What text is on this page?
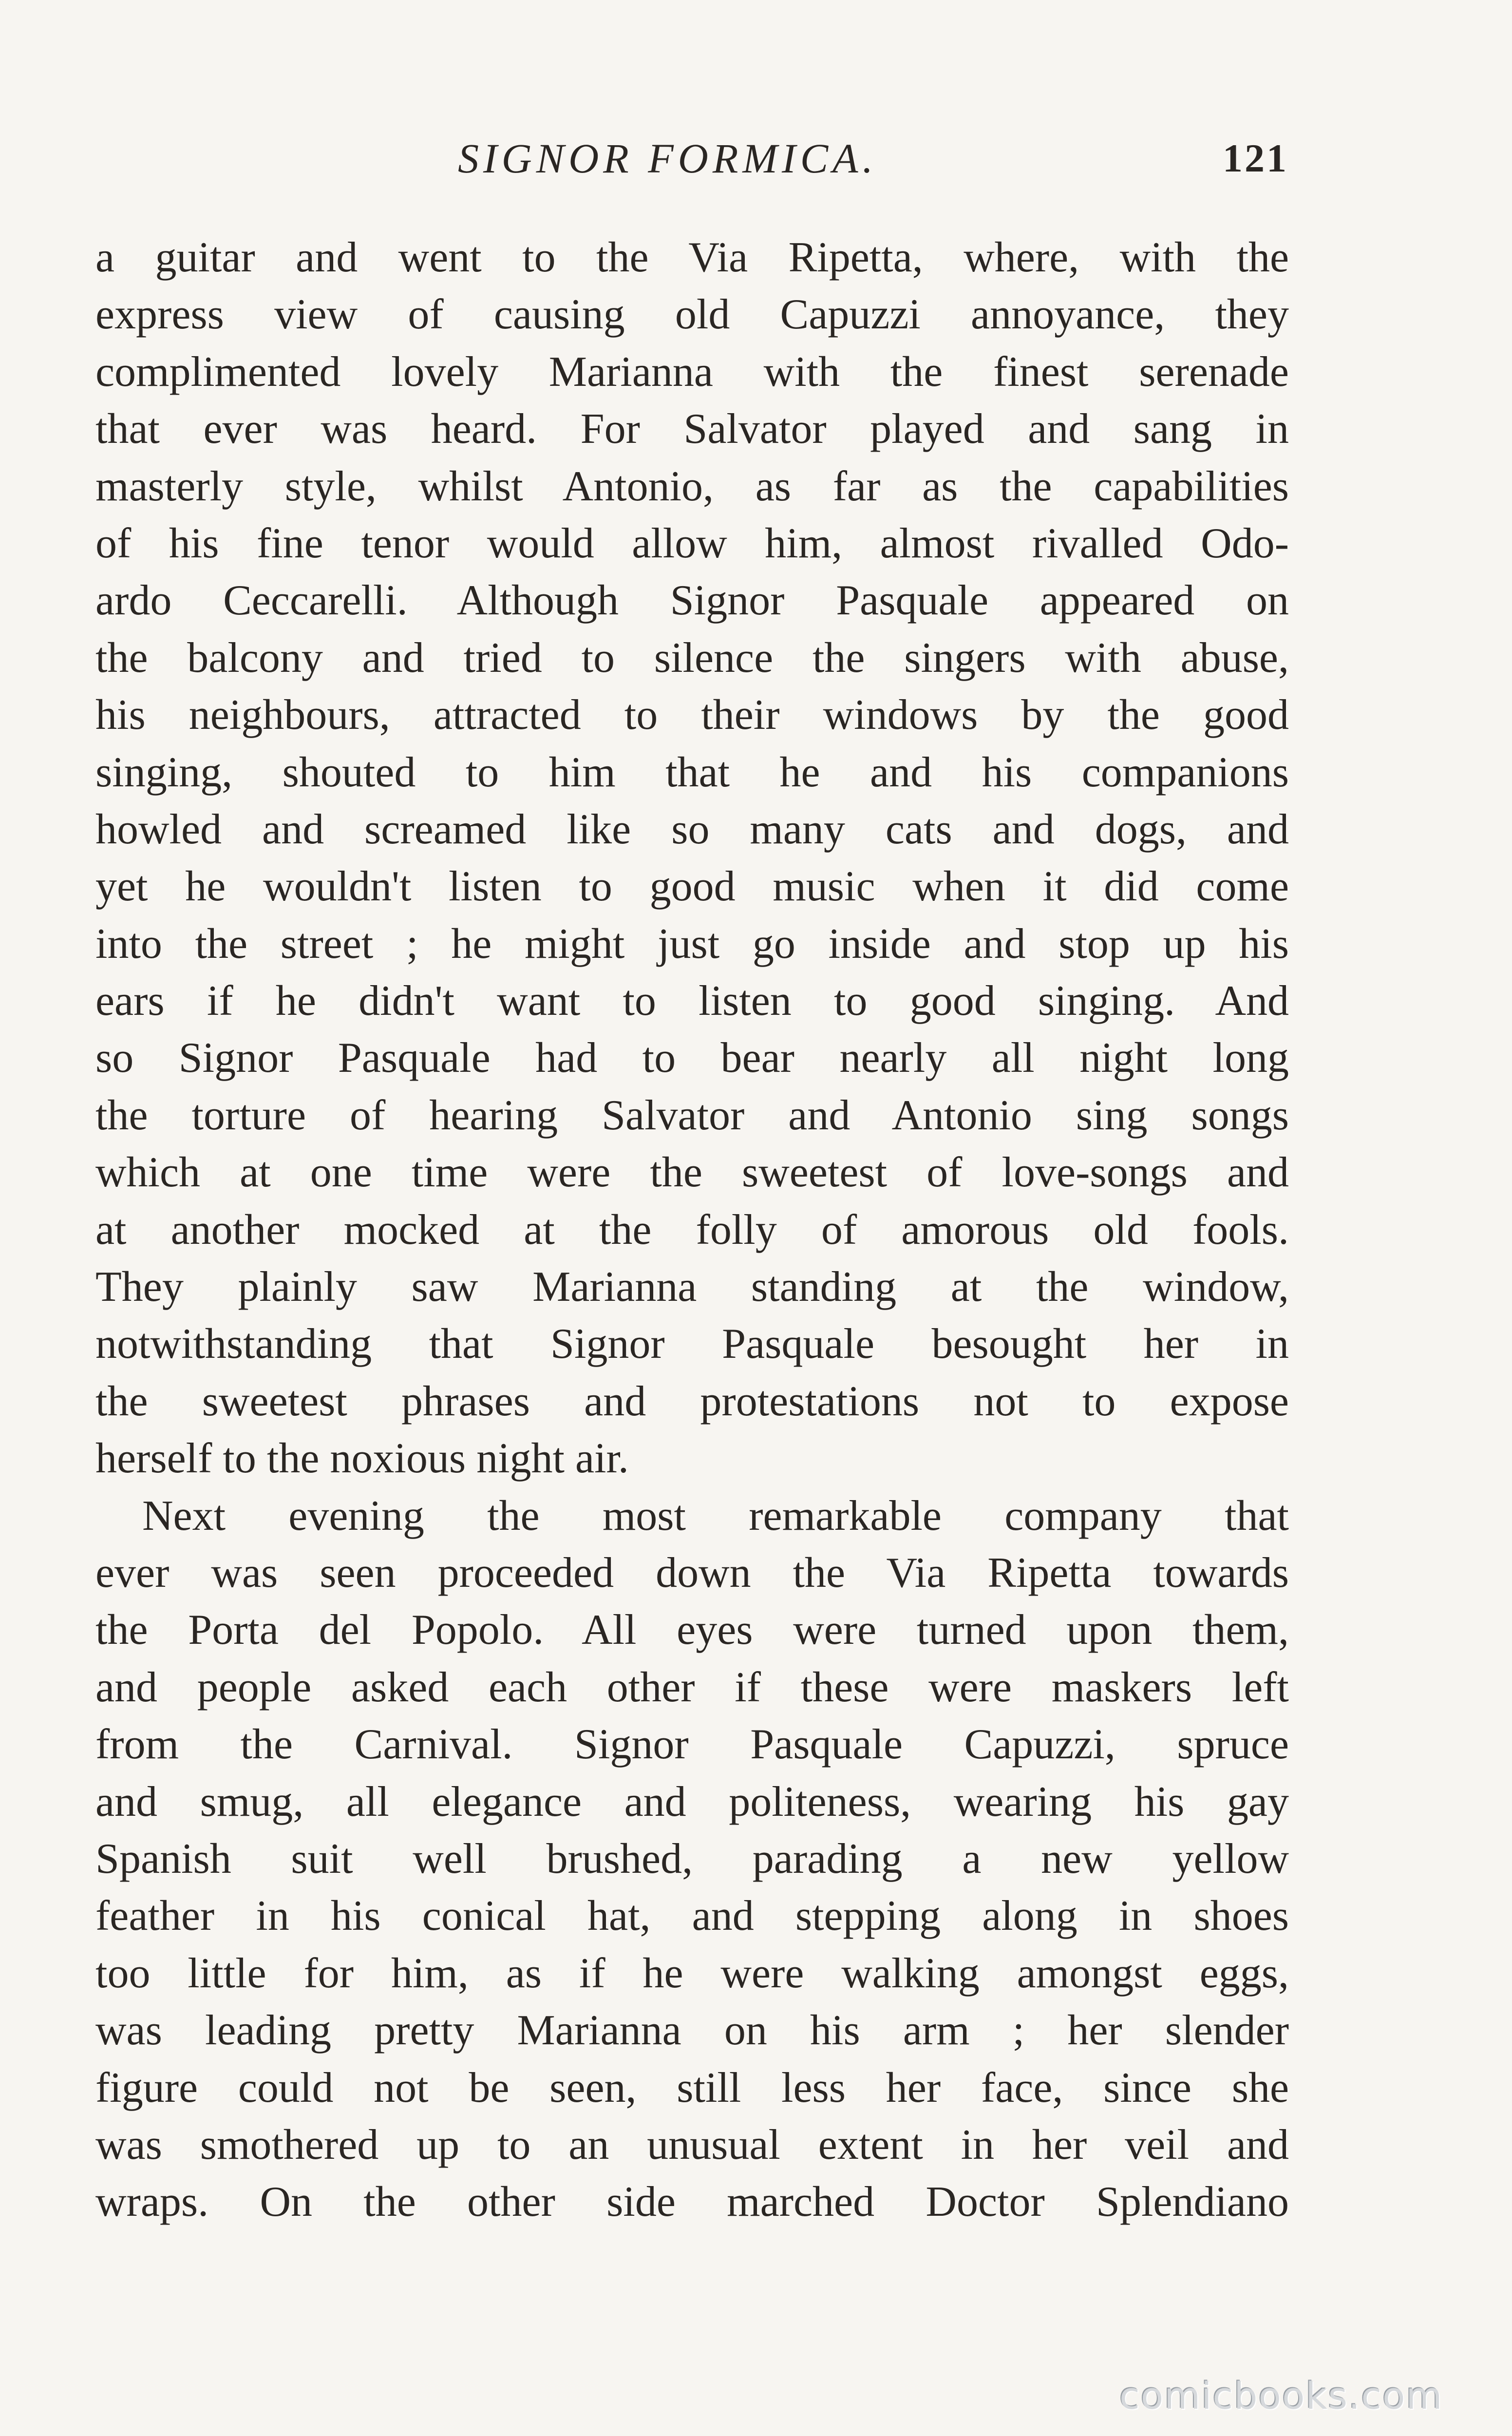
SIGNOR FORMICA.	121
a guitar and went to the Via Ripetta, where, with the
express view of causing old Capuzzi annoyance, they
complimented lovely Marianna with the finest serenade
that ever was heard. For Salvator played and sang in
masterly style, whilst Antonio, as far as the capabilities
of his fine tenor would allow him, almost rivalled Odo-
ardo Ceccarelli. Although Signor Pasquale appeared on
the balcony and tried to silence the singers with abuse,
his neighbours, attracted to their windows by the good
singing, shouted to him that he and his companions
howled and screamed like so many cats and dogs, and
yet he wouldn't listen to good music when it did come
into the street ; he might just go inside and stop up his
ears if he didn't want to listen to good singing. And
so Signor Pasquale had to bear nearly all night long
the torture of hearing Salvator and Antonio sing songs
which at one time were the sweetest of love-songs and
at another mocked at the folly of amorous old fools.
They plainly saw Marianna standing at the window,
notwithstanding that Signor Pasquale besought her in
the sweetest phrases and protestations not to expose
herself to the noxious night air.
Next evening the most remarkable company that
ever was seen proceeded down the Via Ripetta towards
the Porta del Popolo. All eyes were turned upon them,
and people asked each other if these were maskers left
from the Carnival. Signor Pasquale Capuzzi, spruce
and smug, all elegance and politeness, wearing his gay
Spanish suit well brushed, parading a new yellow
feather in his conical hat, and stepping along in shoes
too little for him, as if he were walking amongst eggs,
was leading pretty Marianna on his arm ; her slender
figure could not be seen, still less her face, since she
was smothered up to an unusual extent in her veil and
wraps. On the other side marched Doctor Splendiano
comicbooks.com
